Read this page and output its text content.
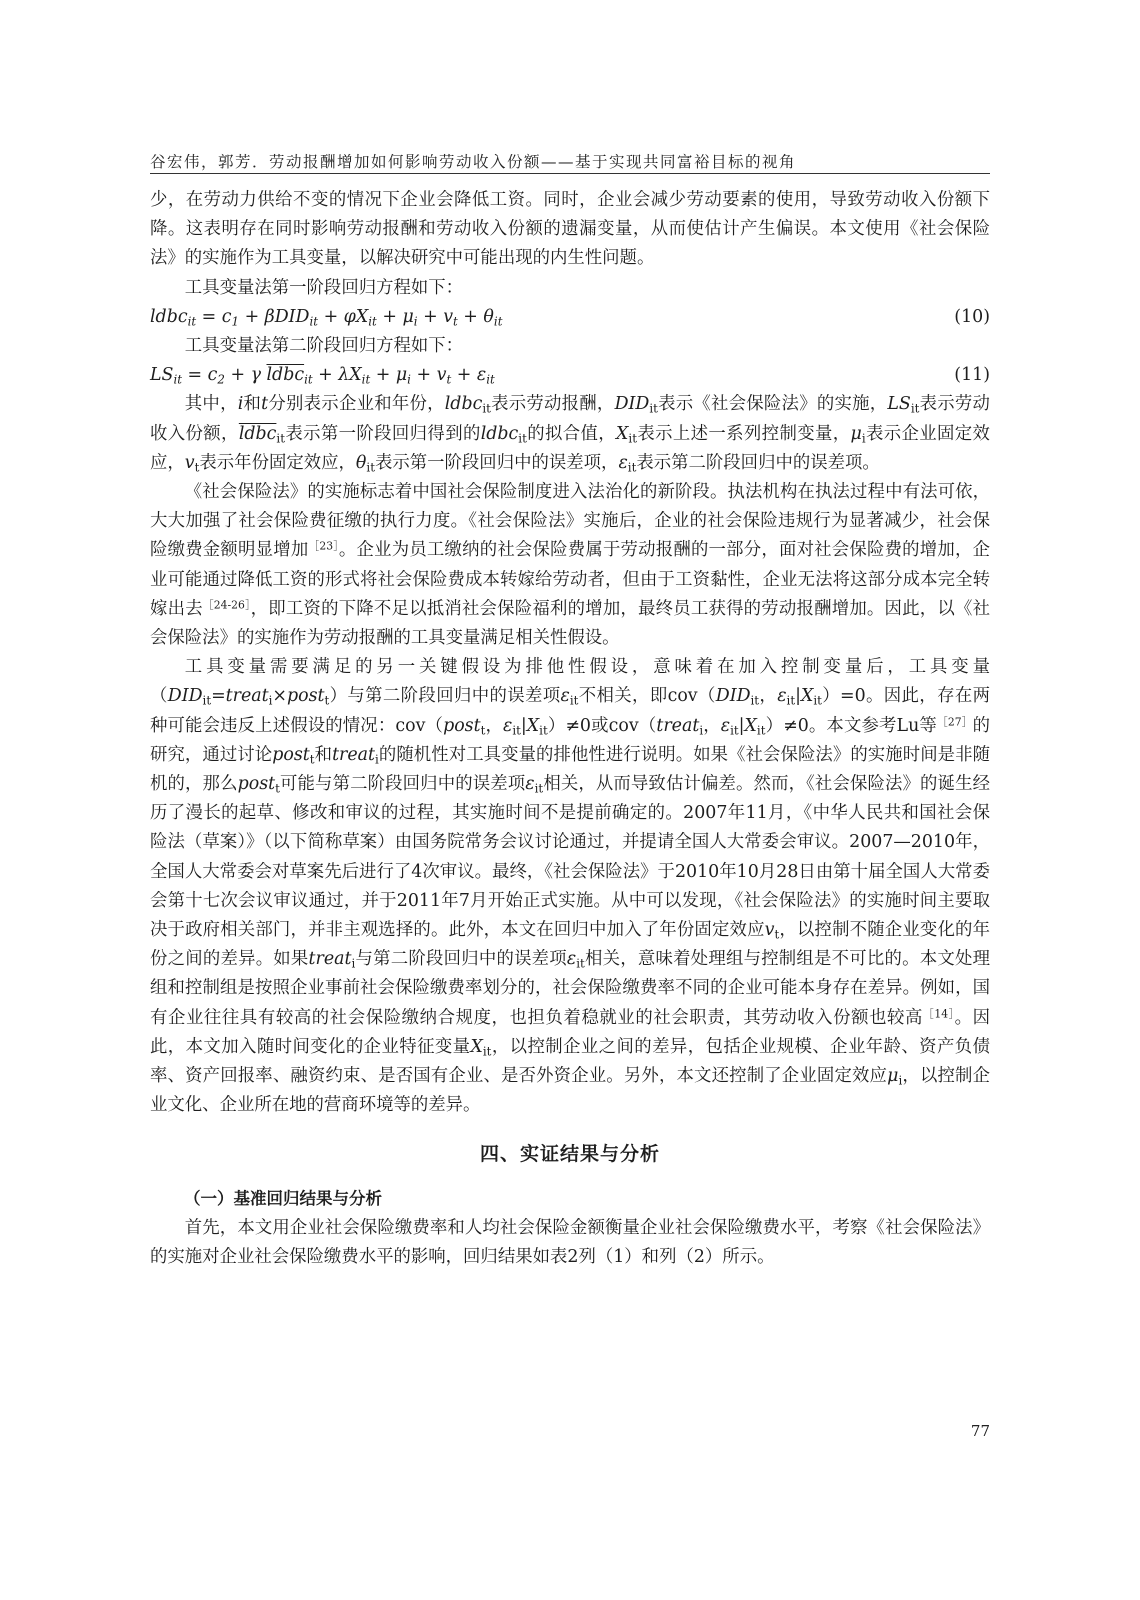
谷宏伟，郭芳．劳动报酬增加如何影响劳动收入份额——基于实现共同富裕目标的视角

少，在劳动力供给不变的情况下企业会降低工资。同时，企业会减少劳动要素的使用，导致劳动收入份额下降。这表明存在同时影响劳动报酬和劳动收入份额的遗漏变量，从而使估计产生偏误。本文使用《社会保险法》的实施作为工具变量，以解决研究中可能出现的内生性问题。

工具变量法第一阶段回归方程如下：

ldbc$_{it}$ = $c_1 + \beta DID_{it} + \varphi X_{it} + \mu_i + v_t + \theta_{it}$	(10)

工具变量法第二阶段回归方程如下：

$LS_{it} = c_2 + \gamma$ ldbc$_{it}$ + $\lambda X_{it} + \mu_i + v_t + \varepsilon_{it}$	(11)

其中，i和t分别表示企业和年份，ldbc$_{it}$表示劳动报酬，$DID_{it}$表示《社会保险法》的实施，$LS_{it}$表示劳动收入份额，ldbc$_{it}$表示第一阶段回归得到的ldbc$_{it}$的拟合值，$X_{it}$表示上述一系列控制变量，$\mu_i$表示企业固定效应，$v_t$表示年份固定效应，$\theta_{it}$表示第一阶段回归中的误差项，$\varepsilon_{it}$表示第二阶段回归中的误差项。

《社会保险法》的实施标志着中国社会保险制度进入法治化的新阶段。执法机构在执法过程中有法可依，大大加强了社会保险费征缴的执行力度。《社会保险法》实施后，企业的社会保险违规行为显著减少，社会保险缴费金额明显增加$^{[23]}$。企业为员工缴纳的社会保险费属于劳动报酬的一部分，面对社会保险费的增加，企业可能通过降低工资的形式将社会保险费成本转嫁给劳动者，但由于工资黏性，企业无法将这部分成本完全转嫁出去$^{[24-26]}$，即工资的下降不足以抵消社会保险福利的增加，最终员工获得的劳动报酬增加。因此，以《社会保险法》的实施作为劳动报酬的工具变量满足相关性假设。

工具变量需要满足的另一关键假设为排他性假设，意味着在加入控制变量后，工具变量$(DID_{it}=treat_i\times post_t)$与第二阶段回归中的误差项$\varepsilon_{it}$不相关，即$cov(DID_{it}$，$\varepsilon_{it}|X_{it})=0$。因此，存在两种可能会违反上述假设的情况：cov（post$_t$，$\varepsilon_{it}|X_{it})\ne 0$或cov（treat$_i$，$\varepsilon_{it}|X_{it})\ne 0$。本文参考Lu等$^{[27]}$的研究，通过讨论post$_t$和treat$_i$的随机性对工具变量的排他性进行说明。如果《社会保险法》的实施时间是非随机的，那么post$_t$可能与第二阶段回归中的误差项$\varepsilon_{it}$相关，从而导致估计偏差。然而，《社会保险法》的诞生经历了漫长的起草、修改和审议的过程，其实施时间不是提前确定的。2007年11月，《中华人民共和国社会保险法（草案）》（以下简称草案）由国务院常务会议讨论通过，并提请全国人大常委会审议。2007—2010年，全国人大常委会对草案先后进行了4次审议。最终，《社会保险法》于2010年10月28日由第十届全国人大常委会第十七次会议审议通过，并于2011年7月开始正式实施。从中可以发现，《社会保险法》的实施时间主要取决于政府相关部门，并非主观选择的。此外，本文在回归中加入了年份固定效应$v_t$，以控制不随企业变化的年份之间的差异。如果treat$_i$与第二阶段回归中的误差项$\varepsilon_{it}$相关，意味着处理组与控制组是不可比的。本文处理组和控制组是按照企业事前社会保险缴费率划分的，社会保险缴费率不同的企业可能本身存在差异。例如，国有企业往往具有较高的社会保险缴纳合规度，也担负着稳就业的社会职责，其劳动收入份额也较高$^{[14]}$。因此，本文加入随时间变化的企业特征变量$X_{it}$，以控制企业之间的差异，包括企业规模、企业年龄、资产负债率、资产回报率、融资约束、是否国有企业、是否外资企业。另外，本文还控制了企业固定效应$\mu_i$，以控制企业文化、企业所在地的营商环境等的差异。

四、实证结果与分析
（一）基准回归结果与分析

首先，本文用企业社会保险缴费率和人均社会保险金额衡量企业社会保险缴费水平，考察《社会保险法》的实施对企业社会保险缴费水平的影响，回归结果如表2列（1）和列（2）所示。

77
